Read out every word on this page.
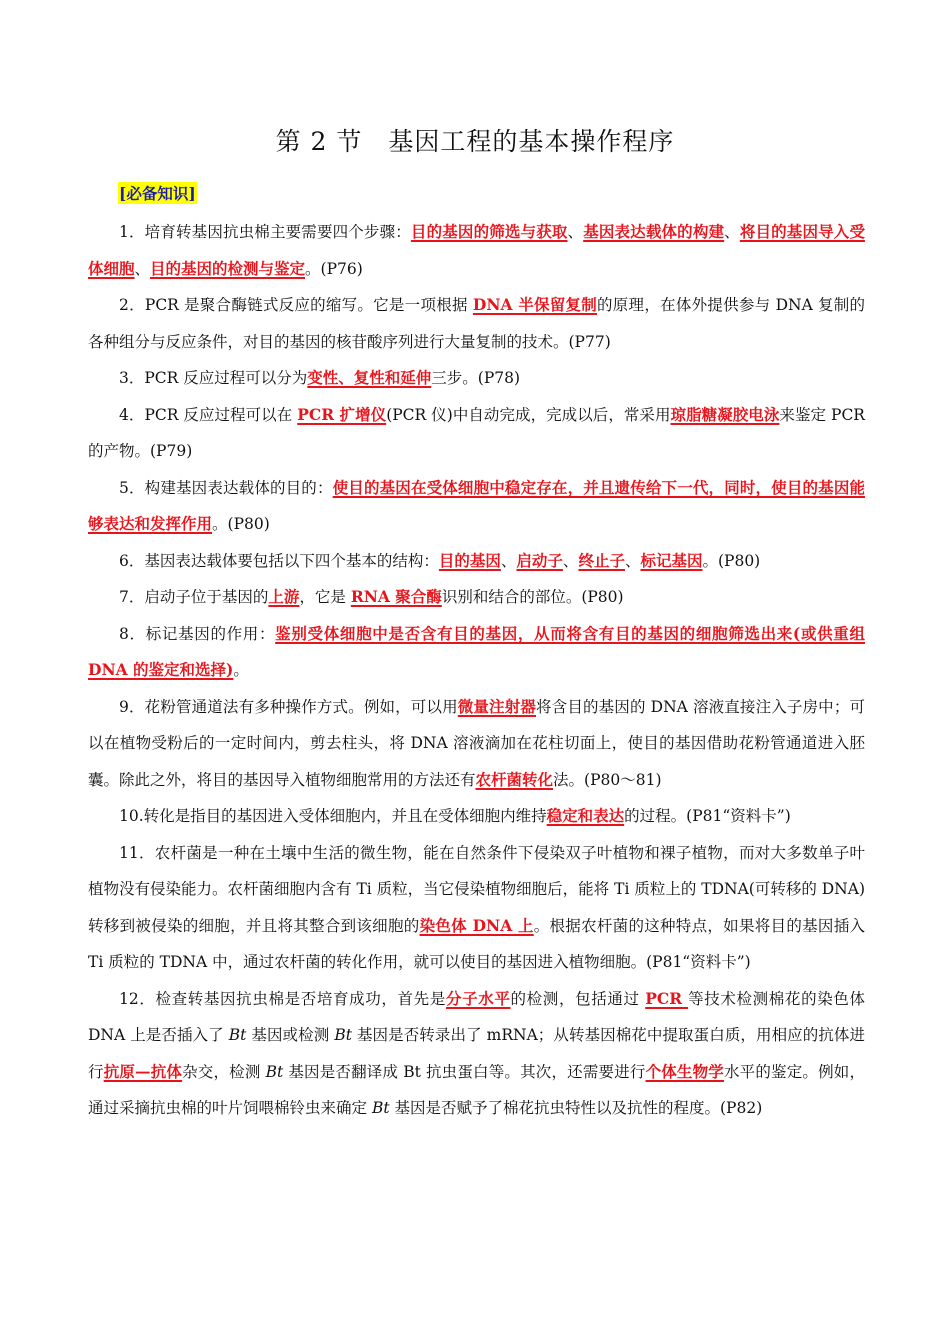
第 2 节　基因工程的基本操作程序
[必备知识]

1．培育转基因抗虫棉主要需要四个步骤：目的基因的筛选与获取、基因表达载体的构建、将目的基因导入受体细胞、目的基因的检测与鉴定。(P76)

2．PCR 是聚合酶链式反应的缩写。它是一项根据 DNA 半保留复制的原理，在体外提供参与 DNA 复制的各种组分与反应条件，对目的基因的核苷酸序列进行大量复制的技术。(P77)

3．PCR 反应过程可以分为变性、复性和延伸三步。(P78)

4．PCR 反应过程可以在 PCR 扩增仪(PCR 仪)中自动完成，完成以后，常采用琼脂糖凝胶电泳来鉴定 PCR 的产物。(P79)

5．构建基因表达载体的目的：使目的基因在受体细胞中稳定存在，并且遗传给下一代，同时，使目的基因能够表达和发挥作用。(P80)

6．基因表达载体要包括以下四个基本的结构：目的基因、启动子、终止子、标记基因。(P80)

7．启动子位于基因的上游，它是 RNA 聚合酶识别和结合的部位。(P80)

8．标记基因的作用：鉴别受体细胞中是否含有目的基因，从而将含有目的基因的细胞筛选出来(或供重组 DNA 的鉴定和选择)。

9．花粉管通道法有多种操作方式。例如，可以用微量注射器将含目的基因的 DNA 溶液直接注入子房中；可以在植物受粉后的一定时间内，剪去柱头，将 DNA 溶液滴加在花柱切面上，使目的基因借助花粉管通道进入胚囊。除此之外，将目的基因导入植物细胞常用的方法还有农杆菌转化法。(P80～81)

10.转化是指目的基因进入受体细胞内，并且在受体细胞内维持稳定和表达的过程。(P81“资料卡”)

11．农杆菌是一种在土壤中生活的微生物，能在自然条件下侵染双子叶植物和裸子植物，而对大多数单子叶植物没有侵染能力。农杆菌细胞内含有 Ti 质粒，当它侵染植物细胞后，能将 Ti 质粒上的 TDNA(可转移的 DNA)转移到被侵染的细胞，并且将其整合到该细胞的染色体 DNA 上。根据农杆菌的这种特点，如果将目的基因插入 Ti 质粒的 TDNA 中，通过农杆菌的转化作用，就可以使目的基因进入植物细胞。(P81“资料卡”)

12．检查转基因抗虫棉是否培育成功，首先是分子水平的检测，包括通过 PCR 等技术检测棉花的染色体 DNA 上是否插入了 Bt 基因或检测 Bt 基因是否转录出了 mRNA；从转基因棉花中提取蛋白质，用相应的抗体进行抗原—抗体杂交，检测 Bt 基因是否翻译成 Bt 抗虫蛋白等。其次，还需要进行个体生物学水平的鉴定。例如，通过采摘抗虫棉的叶片饲喂棉铃虫来确定 Bt 基因是否赋予了棉花抗虫特性以及抗性的程度。(P82)
